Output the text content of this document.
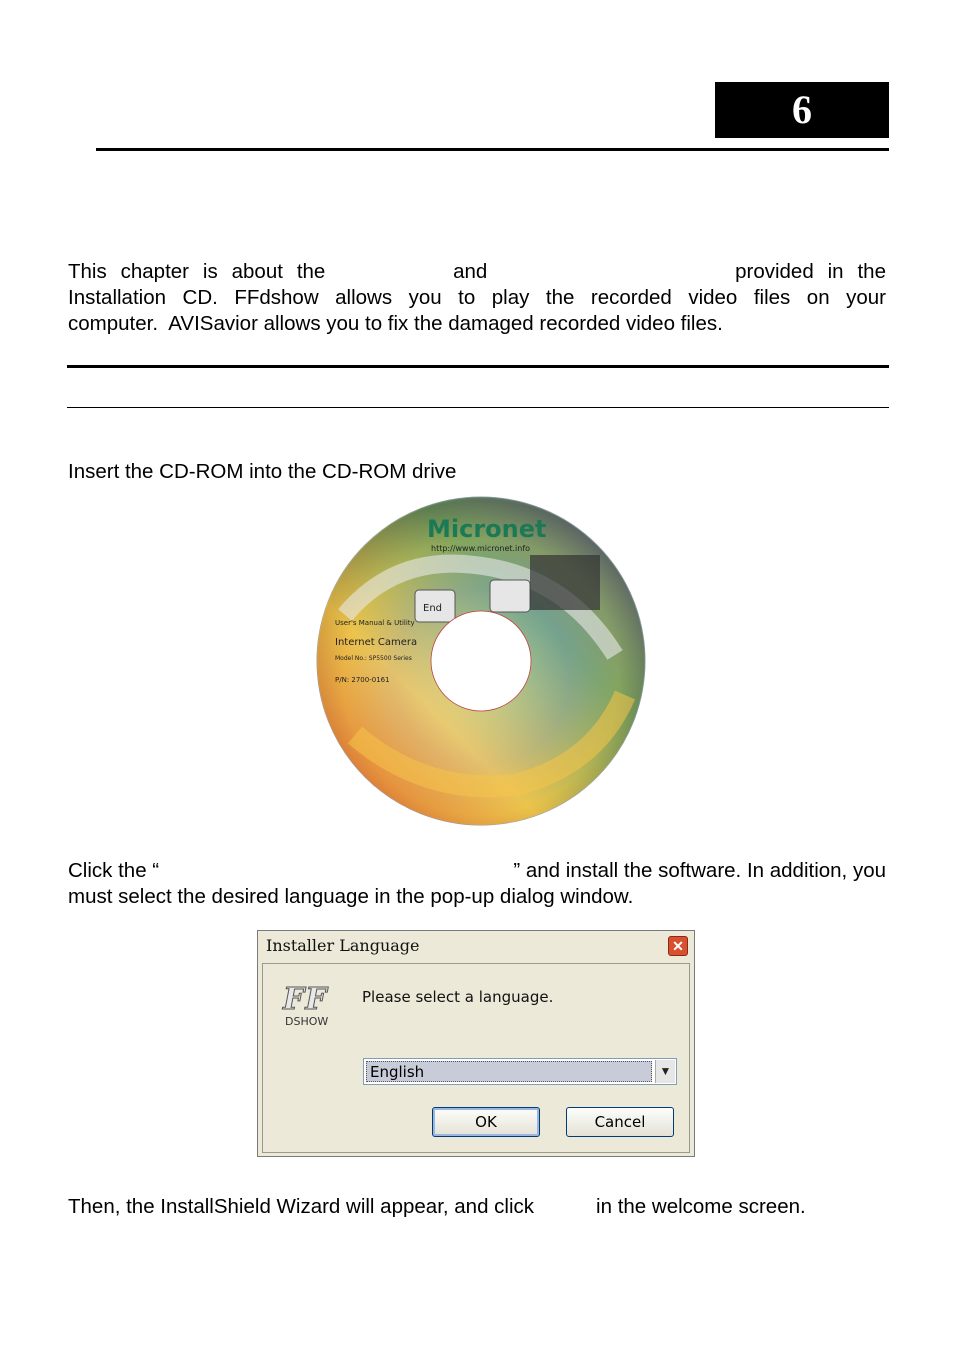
6
This chapter is about the	and	provided in the
Installation CD. FFdshow allows you to play the recorded video files on your
computer.  AVISavior allows you to fix the damaged recorded video files.
Insert the CD-ROM into the CD-ROM drive
End
Micronet
http://www.micronet.info
User's Manual & Utility
Internet Camera
Model No.: SP5500 Series
P/N: 2700-0161
Click the “	” and install the software. In addition, you
must select the desired language in the pop-up dialog window.
Installer Language	✕
FF
DSHOW
Please select a language.
English	▼
OK	Cancel
Then, the InstallShield Wizard will appear, and click	in the welcome screen.
